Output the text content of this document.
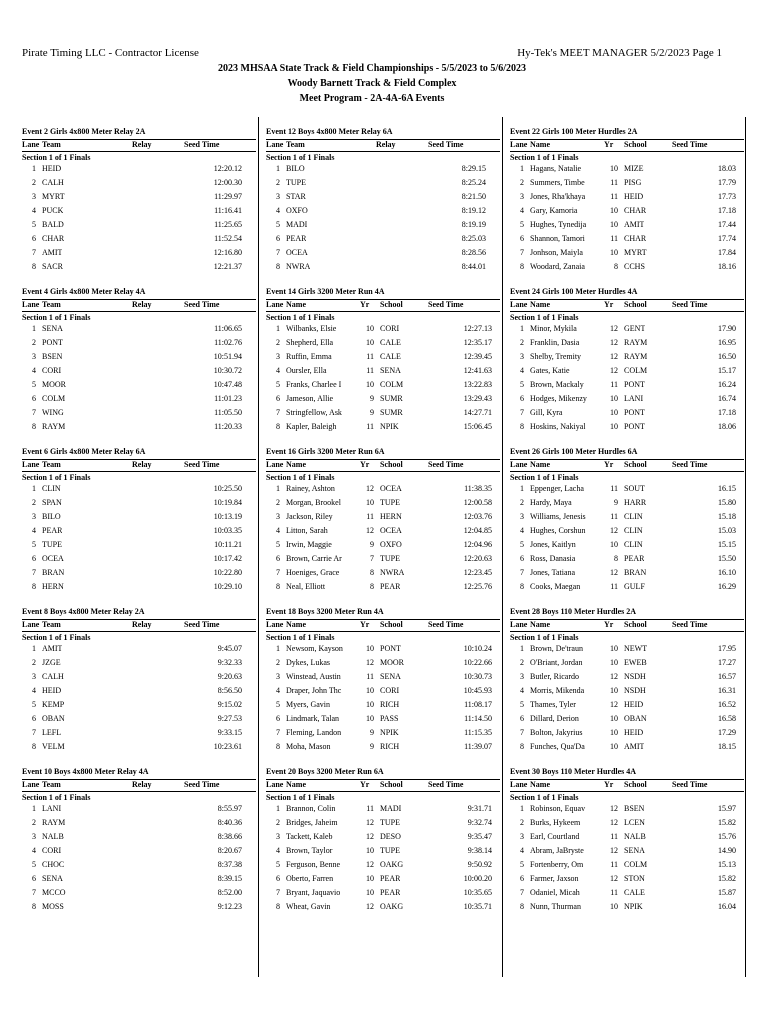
Pirate Timing LLC - Contractor License	Hy-Tek's MEET MANAGER 5/2/2023 Page 1
2023 MHSAA State Track & Field Championships - 5/5/2023 to 5/6/2023
Woody Barnett Track & Field Complex
Meet Program - 2A-4A-6A Events
Event 2 Girls 4x800 Meter Relay 2A
Lane Team	Relay	Seed Time
Section 1 of 1 Finals
1 HEID	12:20.12
2 CALH	12:00.30
3 MYRT	11:29.97
4 PUCK	11:16.41
5 BALD	11:25.65
6 CHAR	11:52.54
7 AMIT	12:16.80
8 SACR	12:21.37
Event 4 Girls 4x800 Meter Relay 4A
Lane Team	Relay	Seed Time
Section 1 of 1 Finals
1 SENA	11:06.65
2 PONT	11:02.76
3 BSEN	10:51.94
4 CORI	10:30.72
5 MOOR	10:47.48
6 COLM	11:01.23
7 WING	11:05.50
8 RAYM	11:20.33
Event 6 Girls 4x800 Meter Relay 6A
Lane Team	Relay	Seed Time
Section 1 of 1 Finals
1 CLIN	10:25.50
2 SPAN	10:19.84
3 BILO	10:13.19
4 PEAR	10:03.35
5 TUPE	10:11.21
6 OCEA	10:17.42
7 BRAN	10:22.80
8 HERN	10:29.10
Event 8 Boys 4x800 Meter Relay 2A
Lane Team	Relay	Seed Time
Section 1 of 1 Finals
1 AMIT	9:45.07
2 JZGE	9:32.33
3 CALH	9:20.63
4 HEID	8:56.50
5 KEMP	9:15.02
6 OBAN	9:27.53
7 LEFL	9:33.15
8 VELM	10:23.61
Event 10 Boys 4x800 Meter Relay 4A
Lane Team	Relay	Seed Time
Section 1 of 1 Finals
1 LANI	8:55.97
2 RAYM	8:40.36
3 NALB	8:38.66
4 CORI	8:20.67
5 CHOC	8:37.38
6 SENA	8:39.15
7 MCCO	8:52.00
8 MOSS	9:12.23
Event 12 Boys 4x800 Meter Relay 6A
Lane Team	Relay	Seed Time
Section 1 of 1 Finals
1 BILO	8:29.15
2 TUPE	8:25.24
3 STAR	8:21.50
4 OXFO	8:19.12
5 MADI	8:19.19
6 PEAR	8:25.03
7 OCEA	8:28.56
8 NWRA	8:44.01
Event 14 Girls 3200 Meter Run 4A
Lane Name	Yr School	Seed Time
Section 1 of 1 Finals
1 Wilbanks, Elsie	10 CORI	12:27.13
2 Shepherd, Ella	10 CALE	12:35.17
3 Ruffin, Emma	11 CALE	12:39.45
4 Oursler, Ella	11 SENA	12:41.63
5 Franks, Charlee I	10 COLM	13:22.83
6 Jameson, Allie	9 SUMR	13:29.43
7 Stringfellow, Ask	9 SUMR	14:27.71
8 Kapler, Baleigh	11 NPIK	15:06.45
Event 16 Girls 3200 Meter Run 6A
Lane Name	Yr School	Seed Time
Section 1 of 1 Finals
1 Rainey, Ashton	12 OCEA	11:38.35
2 Morgan, Brookel	10 TUPE	12:00.58
3 Jackson, Riley	11 HERN	12:03.76
4 Litton, Sarah	12 OCEA	12:04.85
5 Irwin, Maggie	9 OXFO	12:04.96
6 Brown, Carrie Ar	7 TUPE	12:20.63
7 Hoeniges, Grace	8 NWRA	12:23.45
8 Neal, Elliott	8 PEAR	12:25.76
Event 18 Boys 3200 Meter Run 4A
Lane Name	Yr School	Seed Time
Section 1 of 1 Finals
1 Newsom, Kayson	10 PONT	10:10.24
2 Dykes, Lukas	12 MOOR	10:22.66
3 Winstead, Austin	11 SENA	10:30.73
4 Draper, John Thc	10 CORI	10:45.93
5 Myers, Gavin	10 RICH	11:08.17
6 Lindmark, Talan	10 PASS	11:14.50
7 Fleming, Landon	9 NPIK	11:15.35
8 Moha, Mason	9 RICH	11:39.07
Event 20 Boys 3200 Meter Run 6A
Lane Name	Yr School	Seed Time
Section 1 of 1 Finals
1 Brannon, Colin	11 MADI	9:31.71
2 Bridges, Jaheim	12 TUPE	9:32.74
3 Tackett, Kaleb	12 DESO	9:35.47
4 Brown, Taylor	10 TUPE	9:38.14
5 Ferguson, Benne	12 OAKG	9:50.92
6 Oberto, Farren	10 PEAR	10:00.20
7 Bryant, Jaquavio	10 PEAR	10:35.65
8 Wheat, Gavin	12 OAKG	10:35.71
Event 22 Girls 100 Meter Hurdles 2A
Lane Name	Yr School	Seed Time
Section 1 of 1 Finals
1 Hagans, Natalie	10 MIZE	18.03
2 Summers, Timbe	11 PISG	17.79
3 Jones, Rha'khaya	11 HEID	17.73
4 Gary, Kamoria	10 CHAR	17.18
5 Hughes, Tynedija	10 AMIT	17.44
6 Shannon, Tamori	11 CHAR	17.74
7 Jonhson, Maiyla	10 MYRT	17.84
8 Woodard, Zanaia	8 CCHS	18.16
Event 24 Girls 100 Meter Hurdles 4A
Lane Name	Yr School	Seed Time
Section 1 of 1 Finals
1 Minor, Mykila	12 GENT	17.90
2 Franklin, Dasia	12 RAYM	16.95
3 Shelby, Tremity	12 RAYM	16.50
4 Gates, Katie	12 COLM	15.17
5 Brown, Mackaly	11 PONT	16.24
6 Hodges, Mikenzy	10 LANI	16.74
7 Gill, Kyra	10 PONT	17.18
8 Hoskins, Nakiyal	10 PONT	18.06
Event 26 Girls 100 Meter Hurdles 6A
Lane Name	Yr School	Seed Time
Section 1 of 1 Finals
1 Eppenger, Lacha	11 SOUT	16.15
2 Hardy, Maya	9 HARR	15.80
3 Williams, Jenesis	11 CLIN	15.18
4 Hughes, Corshun	12 CLIN	15.03
5 Jones, Kaitlyn	10 CLIN	15.15
6 Ross, Danasia	8 PEAR	15.50
7 Jones, Tatiana	12 BRAN	16.10
8 Cooks, Maegan	11 GULF	16.29
Event 28 Boys 110 Meter Hurdles 2A
Lane Name	Yr School	Seed Time
Section 1 of 1 Finals
1 Brown, De'traun	10 NEWT	17.95
2 O'Briant, Jordan	10 EWEB	17.27
3 Butler, Ricardo	12 NSDH	16.57
4 Morris, Mikenda	10 NSDH	16.31
5 Thames, Tyler	12 HEID	16.52
6 Dillard, Derion	10 OBAN	16.58
7 Bolton, Jakyrius	10 HEID	17.29
8 Funches, Qua'Da	10 AMIT	18.15
Event 30 Boys 110 Meter Hurdles 4A
Lane Name	Yr School	Seed Time
Section 1 of 1 Finals
1 Robinson, Equav	12 BSEN	15.97
2 Burks, Hykeem	12 LCEN	15.82
3 Earl, Courtland	11 NALB	15.76
4 Abram, JaBryste	12 SENA	14.90
5 Fortenberry, Om	11 COLM	15.13
6 Farmer, Jaxson	12 STON	15.82
7 Odaniel, Micah	11 CALE	15.87
8 Nunn, Thurman	10 NPIK	16.04
